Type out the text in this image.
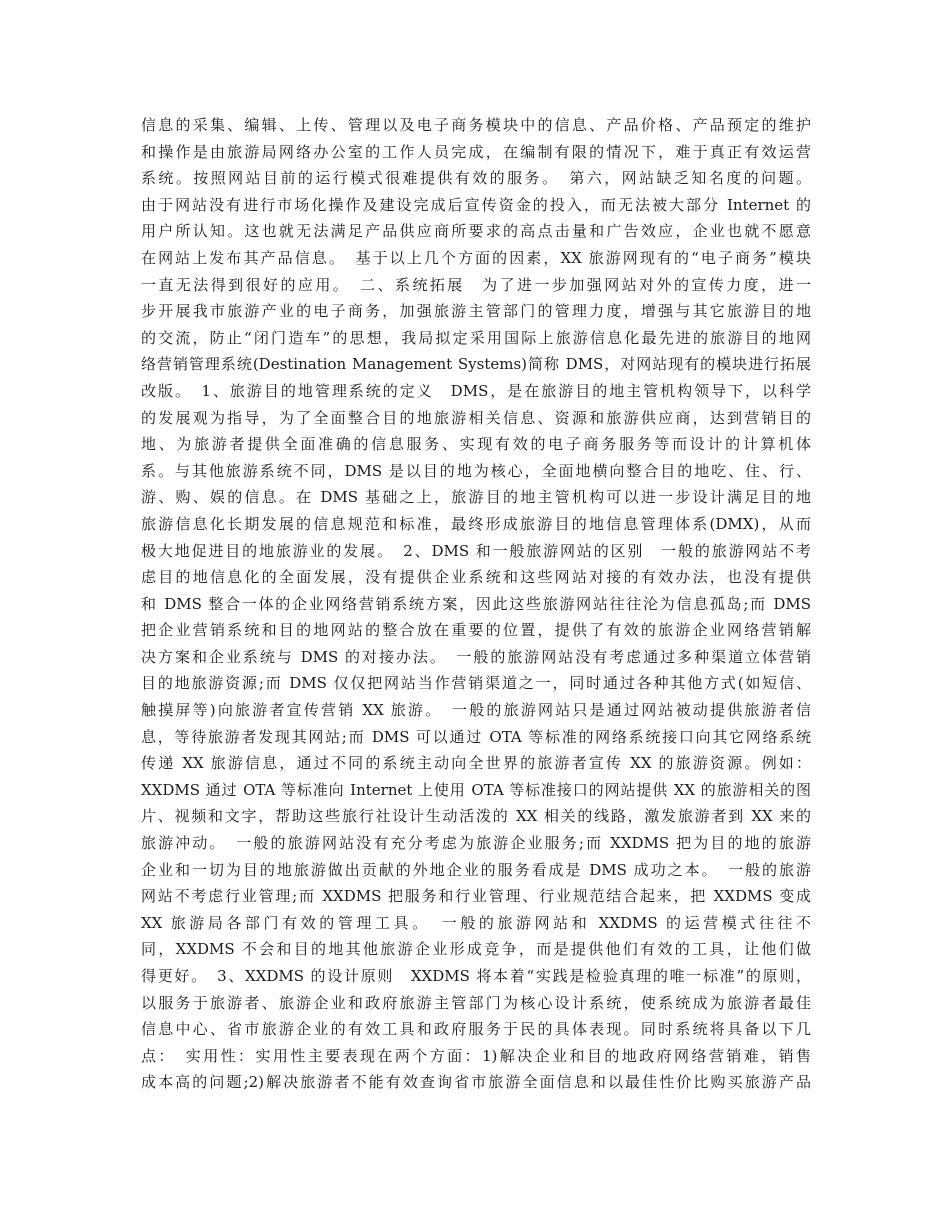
信息的采集、编辑、上传、管理以及电子商务模块中的信息、产品价格、产品预定的维护
和操作是由旅游局网络办公室的工作人员完成，在编制有限的情况下，难于真正有效运营
系统。按照网站目前的运行模式很难提供有效的服务。　第六，网站缺乏知名度的问题。
由于网站没有进行市场化操作及建设完成后宣传资金的投入，而无法被大部分 Internet 的
用户所认知。这也就无法满足产品供应商所要求的高点击量和广告效应，企业也就不愿意
在网站上发布其产品信息。　基于以上几个方面的因素，XX 旅游网现有的“电子商务”模块
一直无法得到很好的应用。　二、系统拓展　为了进一步加强网站对外的宣传力度，进一
步开展我市旅游产业的电子商务，加强旅游主管部门的管理力度，增强与其它旅游目的地
的交流，防止“闭门造车”的思想，我局拟定采用国际上旅游信息化最先进的旅游目的地网
络营销管理系统(Destination Management Systems)简称 DMS，对网站现有的模块进行拓展
改版。　1、旅游目的地管理系统的定义　DMS，是在旅游目的地主管机构领导下，以科学
的发展观为指导，为了全面整合目的地旅游相关信息、资源和旅游供应商，达到营销目的
地、为旅游者提供全面准确的信息服务、实现有效的电子商务服务等而设计的计算机体
系。与其他旅游系统不同，DMS 是以目的地为核心，全面地横向整合目的地吃、住、行、
游、购、娱的信息。在 DMS 基础之上，旅游目的地主管机构可以进一步设计满足目的地
旅游信息化长期发展的信息规范和标准，最终形成旅游目的地信息管理体系(DMX)，从而
极大地促进目的地旅游业的发展。　2、DMS 和一般旅游网站的区别　一般的旅游网站不考
虑目的地信息化的全面发展，没有提供企业系统和这些网站对接的有效办法，也没有提供
和 DMS 整合一体的企业网络营销系统方案，因此这些旅游网站往往沦为信息孤岛;而 DMS
把企业营销系统和目的地网站的整合放在重要的位置，提供了有效的旅游企业网络营销解
决方案和企业系统与 DMS 的对接办法。　一般的旅游网站没有考虑通过多种渠道立体营销
目的地旅游资源;而 DMS 仅仅把网站当作营销渠道之一，同时通过各种其他方式(如短信、
触摸屏等)向旅游者宣传营销 XX 旅游。　一般的旅游网站只是通过网站被动提供旅游者信
息，等待旅游者发现其网站;而 DMS 可以通过 OTA 等标准的网络系统接口向其它网络系统
传递 XX 旅游信息，通过不同的系统主动向全世界的旅游者宣传 XX 的旅游资源。例如：
XXDMS 通过 OTA 等标准向 Internet 上使用 OTA 等标准接口的网站提供 XX 的旅游相关的图
片、视频和文字，帮助这些旅行社设计生动活泼的 XX 相关的线路，激发旅游者到 XX 来的
旅游冲动。　一般的旅游网站没有充分考虑为旅游企业服务;而 XXDMS 把为目的地的旅游
企业和一切为目的地旅游做出贡献的外地企业的服务看成是 DMS 成功之本。　一般的旅游
网站不考虑行业管理;而 XXDMS 把服务和行业管理、行业规范结合起来，把 XXDMS 变成
XX 旅游局各部门有效的管理工具。　一般的旅游网站和 XXDMS 的运营模式往往不
同，XXDMS 不会和目的地其他旅游企业形成竞争，而是提供他们有效的工具，让他们做
得更好。　3、XXDMS 的设计原则　XXDMS 将本着“实践是检验真理的唯一标准”的原则，
以服务于旅游者、旅游企业和政府旅游主管部门为核心设计系统，使系统成为旅游者最佳
信息中心、省市旅游企业的有效工具和政府服务于民的具体表现。同时系统将具备以下几
点：　实用性：实用性主要表现在两个方面：1)解决企业和目的地政府网络营销难，销售
成本高的问题;2)解决旅游者不能有效查询省市旅游全面信息和以最佳性价比购买旅游产品
